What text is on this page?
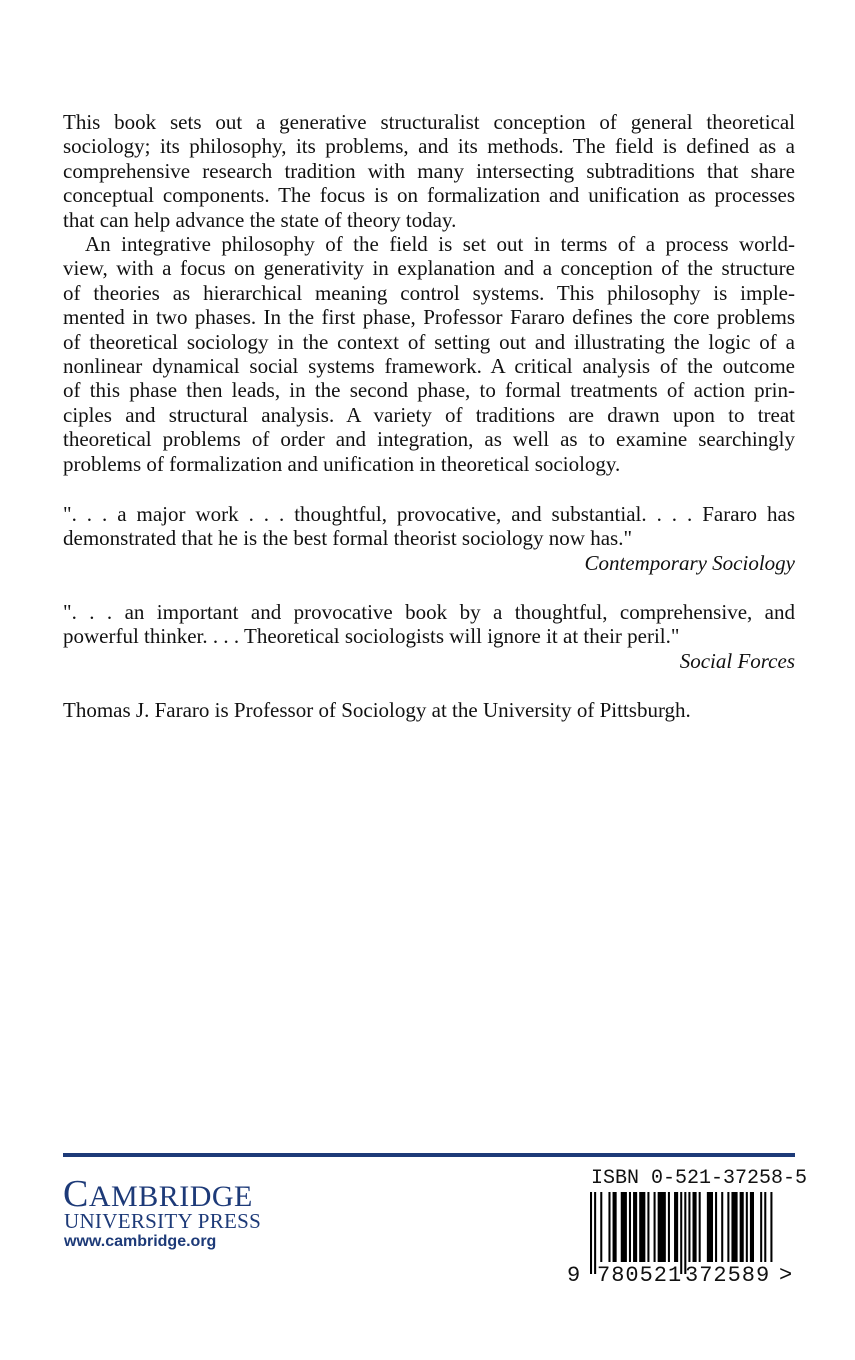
This book sets out a generative structuralist conception of general theoretical
sociology; its philosophy, its problems, and its methods. The field is defined as a
comprehensive research tradition with many intersecting subtraditions that share
conceptual components. The focus is on formalization and unification as processes
that can help advance the state of theory today.
An integrative philosophy of the field is set out in terms of a process world-
view, with a focus on generativity in explanation and a conception of the structure
of theories as hierarchical meaning control systems. This philosophy is imple-
mented in two phases. In the first phase, Professor Fararo defines the core problems
of theoretical sociology in the context of setting out and illustrating the logic of a
nonlinear dynamical social systems framework. A critical analysis of the outcome
of this phase then leads, in the second phase, to formal treatments of action prin-
ciples and structural analysis. A variety of traditions are drawn upon to treat
theoretical problems of order and integration, as well as to examine searchingly
problems of formalization and unification in theoretical sociology.
". . . a major work . . . thoughtful, provocative, and substantial. . . . Fararo has
demonstrated that he is the best formal theorist sociology now has."
Contemporary Sociology
". . . an important and provocative book by a thoughtful, comprehensive, and
powerful thinker. . . . Theoretical sociologists will ignore it at their peril."
Social Forces
Thomas J. Fararo is Professor of Sociology at the University of Pittsburgh.
CAMBRIDGE
UNIVERSITY PRESS
www.cambridge.org
ISBN 0-521-37258-5
9 780521 372589 >
